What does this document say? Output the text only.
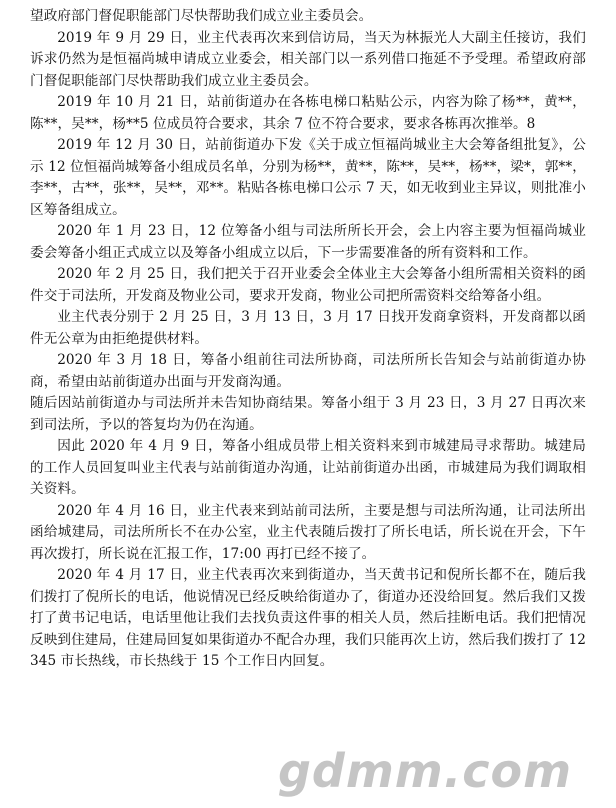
望政府部门督促职能部门尽快帮助我们成立业主委员会。

2019 年 9 月 29 日，业主代表再次来到信访局，当天为林振光人大副主任接访，我们诉求仍然为是恒福尚城申请成立业委会，相关部门以一系列借口拖延不予受理。希望政府部门督促职能部门尽快帮助我们成立业主委员会。

2019 年 10 月 21 日，站前街道办在各栋电梯口粘贴公示，内容为除了杨**，黄**，陈**，吴**，杨**5 位成员符合要求，其余 7 位不符合要求，要求各栋再次推举。8

2019 年 12 月 30 日，站前街道办下发《关于成立恒福尚城业主大会筹备组批复》，公示 12 位恒福尚城筹备小组成员名单，分别为杨**，黄**，陈**，吴**，杨**，梁*，郭**，李**，古**，张**，吴**，邓**。粘贴各栋电梯口公示 7 天，如无收到业主异议，则批准小区筹备组成立。

2020 年 1 月 23 日，12 位筹备小组与司法所所长开会，会上内容主要为恒福尚城业委会筹备小组正式成立以及筹备小组成立以后，下一步需要准备的所有资料和工作。

2020 年 2 月 25 日，我们把关于召开业委会全体业主大会筹备小组所需相关资料的函件交于司法所，开发商及物业公司，要求开发商，物业公司把所需资料交给筹备小组。

业主代表分别于 2 月 25 日，3 月 13 日，3 月 17 日找开发商拿资料，开发商都以函件无公章为由拒绝提供材料。

2020 年 3 月 18 日，筹备小组前往司法所协商，司法所所长告知会与站前街道办协商，希望由站前街道办出面与开发商沟通。

随后因站前街道办与司法所并未告知协商结果。筹备小组于 3 月 23 日，3 月 27 日再次来到司法所，予以的答复均为仍在沟通。

因此 2020 年 4 月 9 日，筹备小组成员带上相关资料来到市城建局寻求帮助。城建局的工作人员回复叫业主代表与站前街道办沟通，让站前街道办出函，市城建局为我们调取相关资料。

2020 年 4 月 16 日，业主代表来到站前司法所，主要是想与司法所沟通，让司法所出函给城建局，司法所所长不在办公室，业主代表随后拨打了所长电话，所长说在开会，下午再次拨打，所长说在汇报工作，17:00 再打已经不接了。

2020 年 4 月 17 日，业主代表再次来到街道办，当天黄书记和倪所长都不在，随后我们拨打了倪所长的电话，他说情况已经反映给街道办了，街道办还没给回复。然后我们又拨打了黄书记电话，电话里他让我们去找负责这件事的相关人员，然后挂断电话。我们把情况反映到住建局，住建局回复如果街道办不配合办理，我们只能再次上访，然后我们拨打了 12345 市长热线，市长热线于 15 个工作日内回复。

gdmm.com
